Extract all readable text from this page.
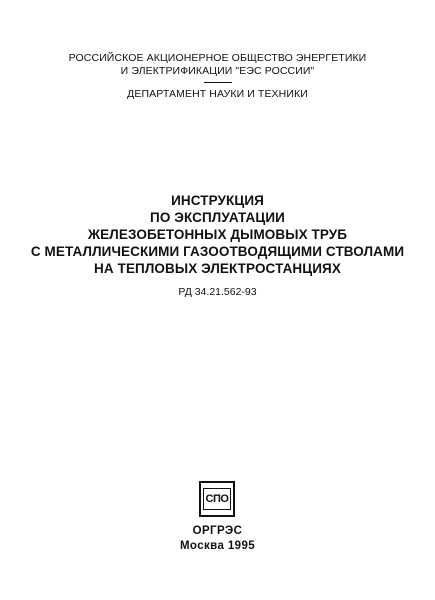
РОССИЙСКОЕ АКЦИОНЕРНОЕ ОБЩЕСТВО ЭНЕРГЕТИКИ
И ЭЛЕКТРИФИКАЦИИ "ЕЭС РОССИИ"
ДЕПАРТАМЕНТ НАУКИ И ТЕХНИКИ
ИНСТРУКЦИЯ
ПО ЭКСПЛУАТАЦИИ
ЖЕЛЕЗОБЕТОННЫХ ДЫМОВЫХ ТРУБ
С МЕТАЛЛИЧЕСКИМИ ГАЗООТВОДЯЩИМИ СТВОЛАМИ
НА ТЕПЛОВЫХ ЭЛЕКТРОСТАНЦИЯХ
РД 34.21.562-93
СПО
ОРГРЭС
Москва 1995
